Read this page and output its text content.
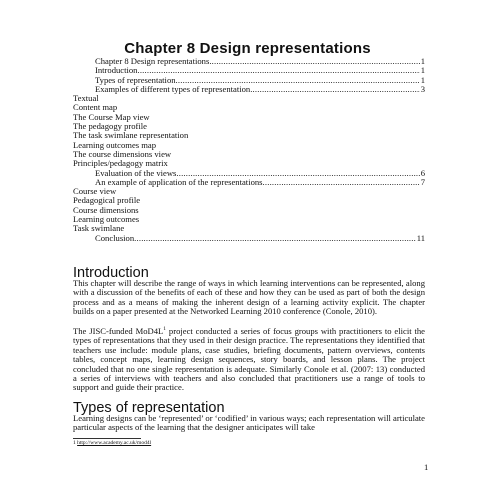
Chapter 8 Design representations
Chapter 8 Design representations .....	1
Introduction .....	1
Types of representation .....	1
Examples of different types of representation .....	3
Textual
Content map
The Course Map view
The pedagogy profile
The task swimlane representation
Learning outcomes map
The course dimensions view
Principles/pedagogy matrix
Evaluation of the views .....	6
An example of application of the representations .....	7
Course view
Pedagogical profile
Course dimensions
Learning outcomes
Task swimlane
Conclusion .....	11
Introduction

This chapter will describe the range of ways in which learning interventions can be represented, along with a discussion of the benefits of each of these and how they can be used as part of both the design process and as a means of making the inherent design of a learning activity explicit. The chapter builds on a paper presented at the Networked Learning 2010 conference (Conole, 2010).

The JISC-funded MoD4L$^1$ project conducted a series of focus groups with practitioners to elicit the types of representations that they used in their design practice. The representations they identified that teachers use include: module plans, case studies, briefing documents, pattern overviews, contents tables, concept maps, learning design sequences, story boards, and lesson plans. The project concluded that no one single representation is adequate. Similarly Conole et al. (2007: 13) conducted a series of interviews with teachers and also concluded that practitioners use a range of tools to support and guide their practice.

Types of representation

Learning designs can be ‘represented’ or ‘codified’ in various ways; each representation will articulate particular aspects of the learning that the designer anticipates will take

1 http://www.academy.ac.uk/mod4l
1
